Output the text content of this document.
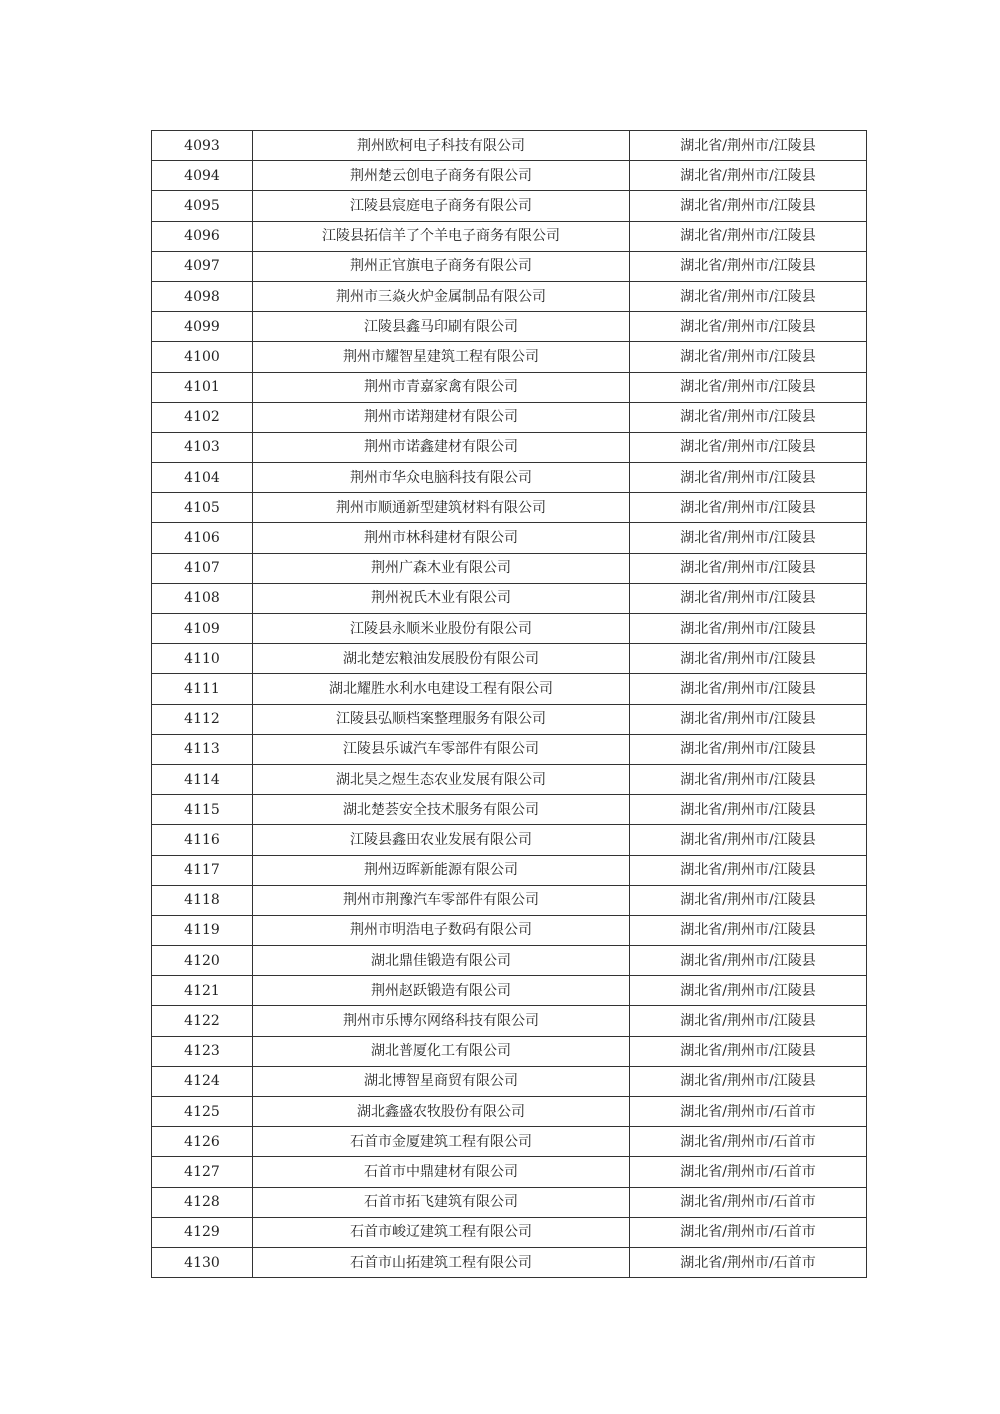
4093	荆州欧柯电子科技有限公司	湖北省/荆州市/江陵县
4094	荆州楚云创电子商务有限公司	湖北省/荆州市/江陵县
4095	江陵县宸庭电子商务有限公司	湖北省/荆州市/江陵县
4096	江陵县拓信羊了个羊电子商务有限公司	湖北省/荆州市/江陵县
4097	荆州正官旗电子商务有限公司	湖北省/荆州市/江陵县
4098	荆州市三焱火炉金属制品有限公司	湖北省/荆州市/江陵县
4099	江陵县鑫马印刷有限公司	湖北省/荆州市/江陵县
4100	荆州市耀智星建筑工程有限公司	湖北省/荆州市/江陵县
4101	荆州市青嘉家禽有限公司	湖北省/荆州市/江陵县
4102	荆州市诺翔建材有限公司	湖北省/荆州市/江陵县
4103	荆州市诺鑫建材有限公司	湖北省/荆州市/江陵县
4104	荆州市华众电脑科技有限公司	湖北省/荆州市/江陵县
4105	荆州市顺通新型建筑材料有限公司	湖北省/荆州市/江陵县
4106	荆州市林科建材有限公司	湖北省/荆州市/江陵县
4107	荆州广森木业有限公司	湖北省/荆州市/江陵县
4108	荆州祝氏木业有限公司	湖北省/荆州市/江陵县
4109	江陵县永顺米业股份有限公司	湖北省/荆州市/江陵县
4110	湖北楚宏粮油发展股份有限公司	湖北省/荆州市/江陵县
4111	湖北耀胜水利水电建设工程有限公司	湖北省/荆州市/江陵县
4112	江陵县弘顺档案整理服务有限公司	湖北省/荆州市/江陵县
4113	江陵县乐诚汽车零部件有限公司	湖北省/荆州市/江陵县
4114	湖北昊之煜生态农业发展有限公司	湖北省/荆州市/江陵县
4115	湖北楚荟安全技术服务有限公司	湖北省/荆州市/江陵县
4116	江陵县鑫田农业发展有限公司	湖北省/荆州市/江陵县
4117	荆州迈晖新能源有限公司	湖北省/荆州市/江陵县
4118	荆州市荆豫汽车零部件有限公司	湖北省/荆州市/江陵县
4119	荆州市明浩电子数码有限公司	湖北省/荆州市/江陵县
4120	湖北鼎佳锻造有限公司	湖北省/荆州市/江陵县
4121	荆州赵跃锻造有限公司	湖北省/荆州市/江陵县
4122	荆州市乐博尔网络科技有限公司	湖北省/荆州市/江陵县
4123	湖北普厦化工有限公司	湖北省/荆州市/江陵县
4124	湖北博智星商贸有限公司	湖北省/荆州市/江陵县
4125	湖北鑫盛农牧股份有限公司	湖北省/荆州市/石首市
4126	石首市金厦建筑工程有限公司	湖北省/荆州市/石首市
4127	石首市中鼎建材有限公司	湖北省/荆州市/石首市
4128	石首市拓飞建筑有限公司	湖北省/荆州市/石首市
4129	石首市峻辽建筑工程有限公司	湖北省/荆州市/石首市
4130	石首市山拓建筑工程有限公司	湖北省/荆州市/石首市
